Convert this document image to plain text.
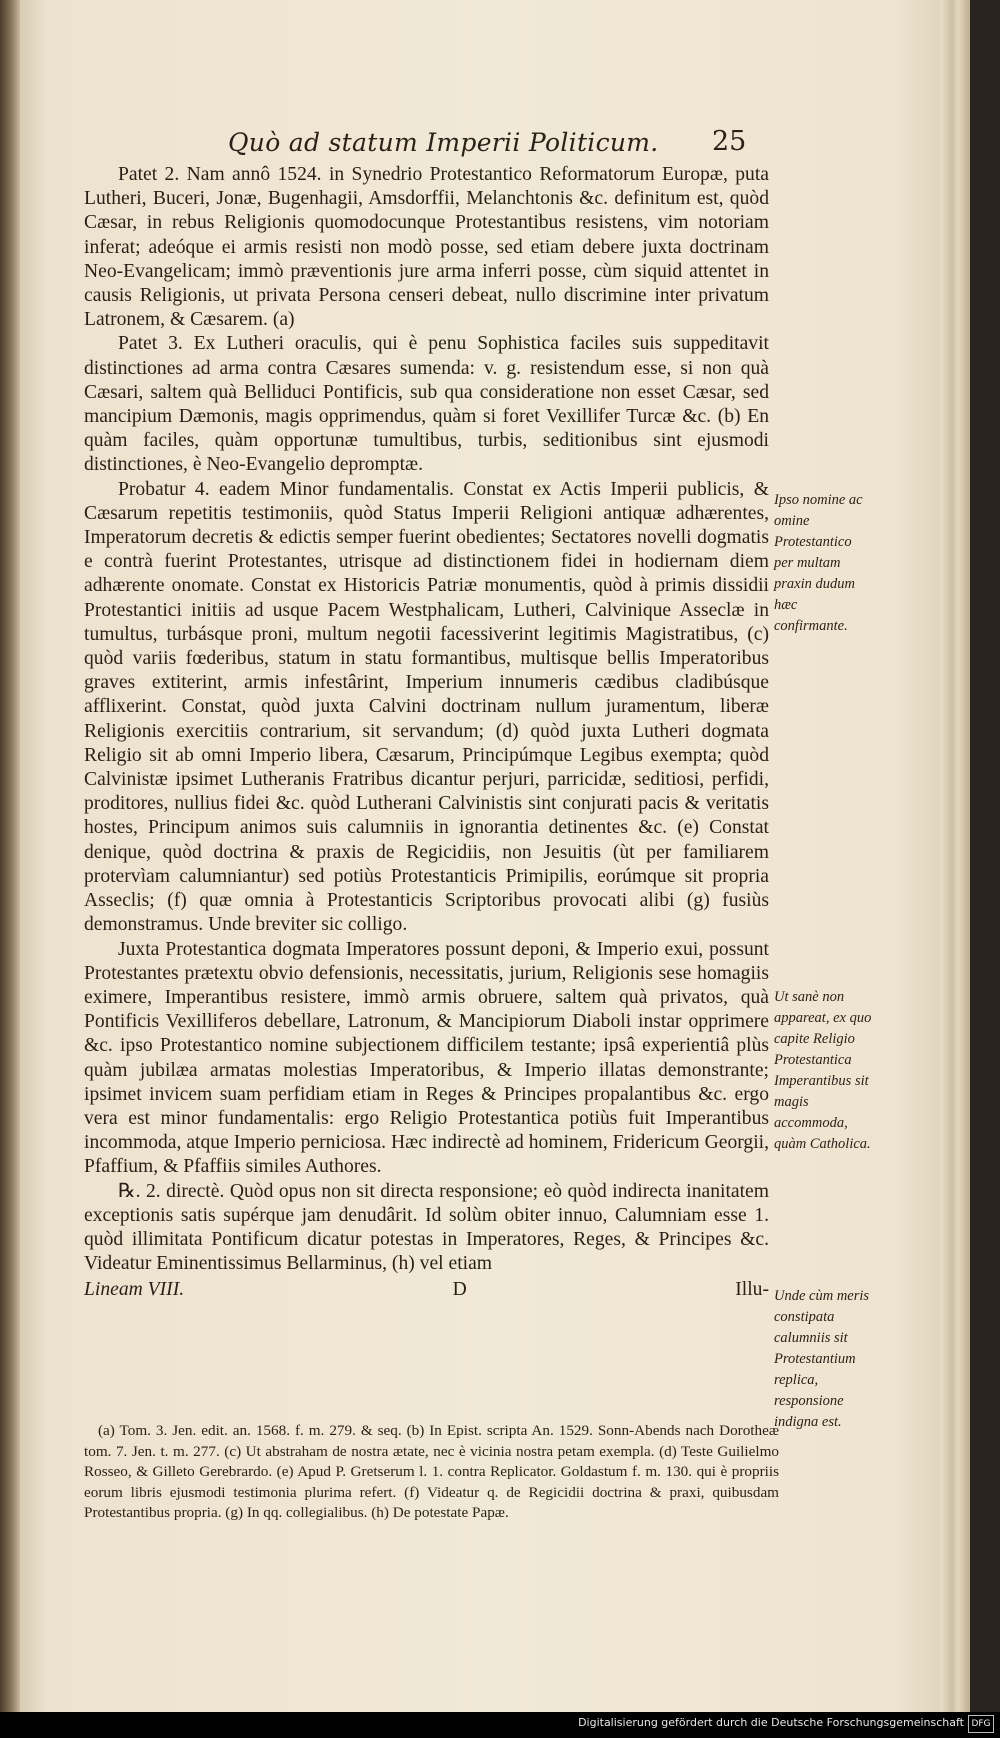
Quò ad statum Imperii Politicum.	25

Patet 2. Nam annô 1524. in Synedrio Protestantico Reformatorum Europæ, puta Lutheri, Buceri, Jonæ, Bugenhagii, Amsdorffii, Melanchtonis &c. definitum est, quòd Cæsar, in rebus Religionis quomodocunque Protestantibus resistens, vim notoriam inferat; adeóque ei armis resisti non modò posse, sed etiam debere juxta doctrinam Neo-Evangelicam; immò præventionis jure arma inferri posse, cùm siquid attentet in causis Religionis, ut privata Persona censeri debeat, nullo discrimine inter privatum Latronem, & Cæsarem. (a)

Patet 3. Ex Lutheri oraculis, qui è penu Sophistica faciles suis suppeditavit distinctiones ad arma contra Cæsares sumenda: v. g. resistendum esse, si non quà Cæsari, saltem quà Belliduci Pontificis, sub qua consideratione non esset Cæsar, sed mancipium Dæmonis, magis opprimendus, quàm si foret Vexillifer Turcæ &c. (b) En quàm faciles, quàm opportunæ tumultibus, turbis, seditionibus sint ejusmodi distinctiones, è Neo-Evangelio depromptæ.

Probatur 4. eadem Minor fundamentalis. Constat ex Actis Imperii publicis, & Cæsarum repetitis testimoniis, quòd Status Imperii Religioni antiquæ adhærentes, Imperatorum decretis & edictis semper fuerint obedientes; Sectatores novelli dogmatis e contrà fuerint Protestantes, utrisque ad distinctionem fidei in hodiernam diem adhærente onomate. Constat ex Historicis Patriæ monumentis, quòd à primis dissidii Protestantici initiis ad usque Pacem Westphalicam, Lutheri, Calvinique Asseclæ in tumultus, turbásque proni, multum negotii facessiverint legitimis Magistratibus, (c) quòd variis fœderibus, statum in statu formantibus, multisque bellis Imperatoribus graves extiterint, armis infestârint, Imperium innumeris cædibus cladibúsque afflixerint. Constat, quòd juxta Calvini doctrinam nullum juramentum, liberæ Religionis exercitiis contrarium, sit servandum; (d) quòd juxta Lutheri dogmata Religio sit ab omni Imperio libera, Cæsarum, Principúmque Legibus exempta; quòd Calvinistæ ipsimet Lutheranis Fratribus dicantur perjuri, parricidæ, seditiosi, perfidi, proditores, nullius fidei &c. quòd Lutherani Calvinistis sint conjurati pacis & veritatis hostes, Principum animos suis calumniis in ignorantia detinentes &c. (e) Constat denique, quòd doctrina & praxis de Regicidiis, non Jesuitis (ùt per familiarem protervìam calumniantur) sed potiùs Protestanticis Primipilis, eorúmque sit propria Asseclis; (f) quæ omnia à Protestanticis Scriptoribus provocati alibi (g) fusiùs demonstramus. Unde breviter sic colligo.

Juxta Protestantica dogmata Imperatores possunt deponi, & Imperio exui, possunt Protestantes prætextu obvio defensionis, necessitatis, jurium, Religionis sese homagiis eximere, Imperantibus resistere, immò armis obruere, saltem quà privatos, quà Pontificis Vexilliferos debellare, Latronum, & Mancipiorum Diaboli instar opprimere &c. ipso Protestantico nomine subjectionem difficilem testante; ipsâ experientiâ plùs quàm jubilæa armatas molestias Imperatoribus, & Imperio illatas demonstrante; ipsimet invicem suam perfidiam etiam in Reges & Principes propalantibus &c. ergo vera est minor fundamentalis: ergo Religio Protestantica potiùs fuit Imperantibus incommoda, atque Imperio perniciosa. Hæc indirectè ad hominem, Fridericum Georgii, Pfaffium, & Pfaffiis similes Authores.

℞. 2. directè. Quòd opus non sit directa responsione; eò quòd indirecta inanitatem exceptionis satis supérque jam denudârit. Id solùm obiter innuo, Calumniam esse 1. quòd illimitata Pontificum dicatur potestas in Imperatores, Reges, & Principes &c. Videatur Eminentissimus Bellarminus, (h) vel etiam

Lineam VIII.	D	Illu-

Ipso nomine ac omine Protestantico per multam praxin dudum hæc confirmante.

Ut sanè non appareat, ex quo capite Religio Protestantica Imperantibus sit magis accommoda, quàm Catholica.

Unde cùm meris constipata calumniis sit Protestantium replica, responsione indigna est.

(a) Tom. 3. Jen. edit. an. 1568. f. m. 279. & seq. (b) In Epist. scripta An. 1529. Sonn-Abends nach Dorotheæ tom. 7. Jen. t. m. 277. (c) Ut abstraham de nostra ætate, nec è vicinia nostra petam exempla. (d) Teste Guilielmo Rosseo, & Gilleto Gerebrardo. (e) Apud P. Gretserum l. 1. contra Replicator. Goldastum f. m. 130. qui è propriis eorum libris ejusmodi testimonia plurima refert. (f) Videatur q. de Regicidii doctrina & praxi, quibusdam Protestantibus propria. (g) In qq. collegialibus. (h) De potestate Papæ.

Digitalisierung gefördert durch die Deutsche Forschungsgemeinschaft DFG
